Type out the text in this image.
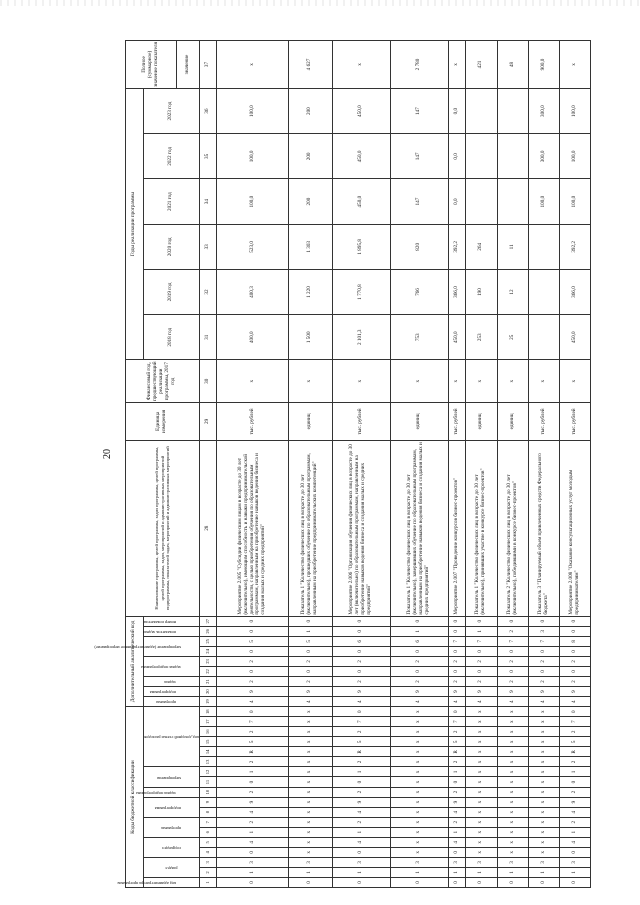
20
Коды бюджетной классификации																		Дополнительный аналитический код									Наименование программы, целей программы, задач программы, целей программы, целей программы, задач, мероприятий и административных мероприятий подпрограммы, показателей задач, мероприятий и административных мероприятий	Единица измерения	Финансовый год, предшествующий реализации программы, 2017 год	Годы реализации программы						Полное (суммарное) значение показателя

код администратора программы	раздел		подраздел		программа		подпрограмма		задача подпрограммы	мероприятия		код доходной статьи расходов						программа	подпрограмма	задача	задача подпрограммы		мероприятие (административное мероприятие)		показатель задачи	номер показателя				2018 год	2019 год	2020 год	2021 год	2022 год	2023 год	
																																				значение
1	2	3	4	5	6	7	8	9	10	11	12	13	14	15	16	17	18	19	20	21	22	23	24	25	26	27	28	29	30	31	32	33	34	35	36	37
0	1	3	0	4	1	2	4	9	2	0	1	2	R	5	2	7	0	4	9	2	0	2	0	5	0	0	Мероприятие 2.005 "Субсидии физическим лицам в возрасте до 30 лет (включительно), имеющим способность и навыки предпринимательской деятельности, с целью приобретения обучения по образовательным программам, направленным на приобретение навыков ведения бизнеса и создания малых и средних предприятий"	тыс. рублей	х	400,0	400,3	523,0	100,0	100,0	100,0	х
0	1	3	х	х	х	х	х	х	х	х	х	х	х	х	х	х	х	4	9	2	0	2	0	5	1	0	Показатель 1 "Количество физических лиц в возрасте до 30 лет (включительно), прошедших обучение по образовательным программам, направленным на приобретение предпринимательских компетенций"	единиц	х	1 500	1 220	1 303	200	200	200	4 627
0	1	3	0	4	1	2	4	9	2	0	1	2	R	5	2	7	0	4	9	2	0	2	0	6	0	0	Мероприятие 2.006 "Организация обучения физических лиц в возрасте до 30 лет (включительно) по образовательным программам, направленным на приобретение навыков ведения бизнеса и создания малых и средних предприятий"	тыс. рублей	х	2 101,3	1 770,8	1 895,8	450,0	450,0	450,0	х
0	1	3	х	х	х	х	х	х	х	х	х	х	х	х	х	х	х	4	9	2	0	2	0	6	1	0	Показатель 1 "Количество физических лиц в возрасте до 30 лет (включительно), завершивших обучение по образовательным программам, направленным на приобретение навыков ведения бизнеса и создания малых и средних предприятий"	единиц	х	753	766	820	147	147	147	2 780
0	1	3	0	4	1	2	4	9	2	0	1	2	R	5	2	7	0	4	9	2	0	2	0	7	0	0	Мероприятие 2.007 "Проведение конкурсов бизнес-проектов"	тыс. рублей	х	450,0	366,0	392,2	0,0	0,0	0,0	х
0	1	3	х	х	х	х	х	х	х	х	х	х	х	х	х	х	х	4	9	2	0	2	0	7	1	0	Показатель 1 "Количество физических лиц в возрасте до 30 лет (включительно), принявших участие в конкурсе бизнес-проектов"	единиц	х	253	190	264				421
0	1	3	х	х	х	х	х	х	х	х	х	х	х	х	х	х	х	4	9	2	0	2	0	7	2	0	Показатель 2 "Количество физических лиц в возрасте до 30 лет (включительно), победившими в конкурсе бизнес-проектов"	единиц	х	25	12	11				48
0	1	3	х	х	х	х	х	х	х	х	х	х	х	х	х	х	х	4	9	2	0	2	0	7	3	0	Показатель 3 "Планируемый объем привлеченных средств Федерального бюджета"	тыс. рублей	х				100,0	300,0	300,0	900,0
0	1	3	0	4	1	2	4	9	2	0	1	2	R	5	2	7	0	4	9	2	0	2	0	8	0	0	Мероприятие 2.008 "Оказание консультационных услуг молодым предпринимателям"	тыс. рублей	х	450,0	366,0	392,2	100,0	100,0	100,0	х
